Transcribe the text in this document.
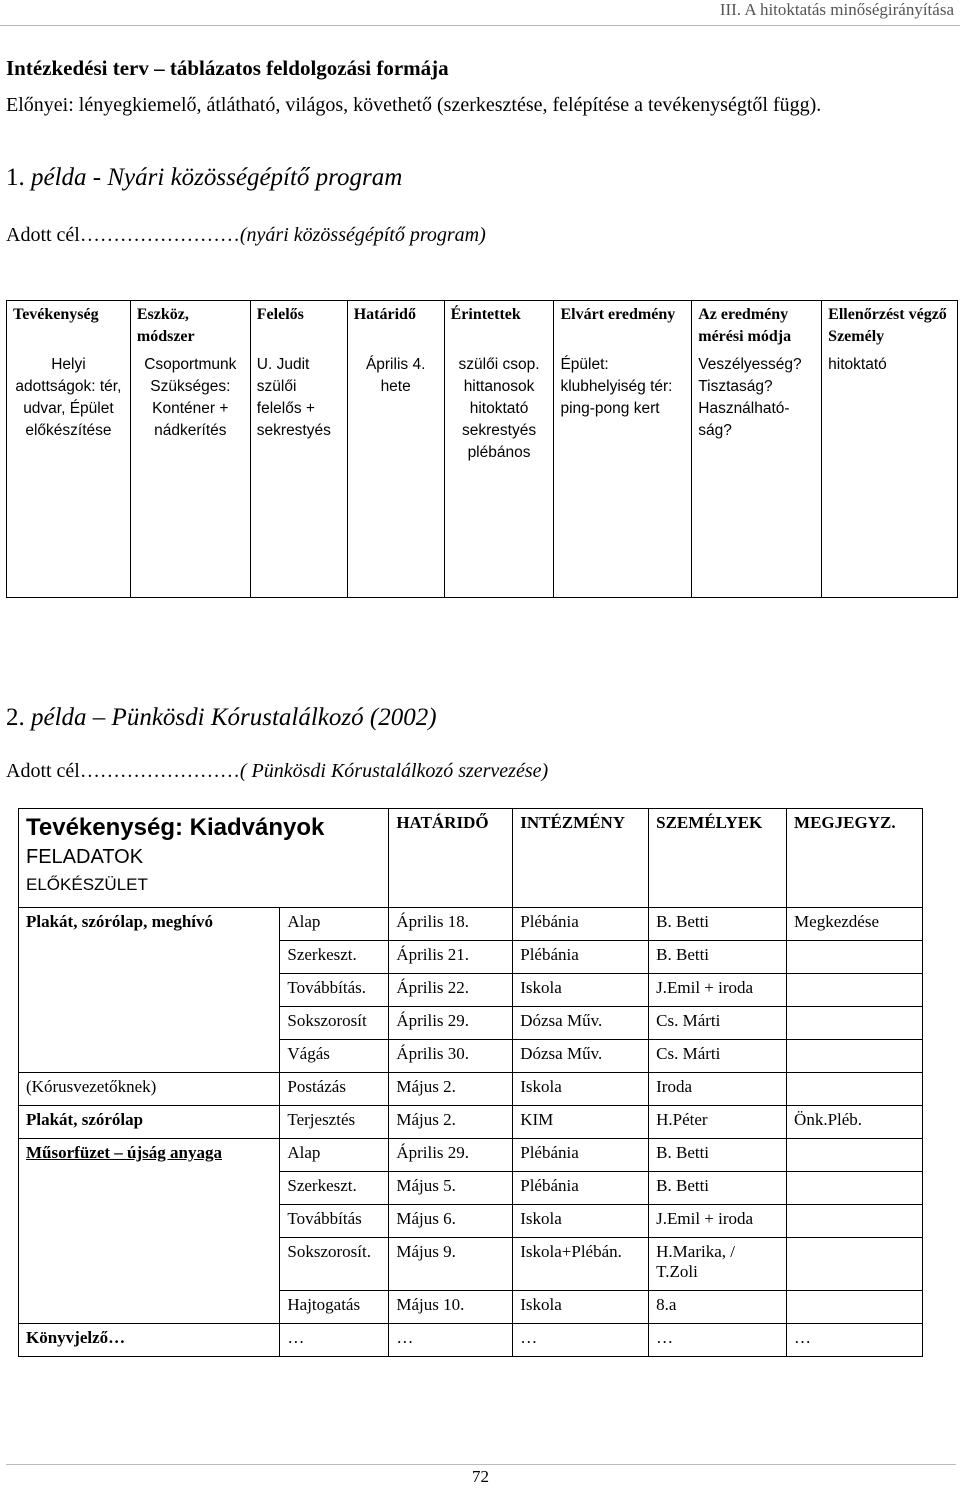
III. A hitoktatás minőségirányítása
Intézkedési terv – táblázatos feldolgozási formája
Előnyei: lényegkiemelő, átlátható, világos, követhető (szerkesztése, felépítése a tevékenységtől függ).
1. példa - Nyári közösségépítő program
Adott cél……………………(nyári közösségépítő program)
Tevékenység	Eszköz, módszer	Felelős	Határidő	Érintettek	Elvárt eredmény	Az eredmény mérési módja	Ellenőrzést végző Személy
Helyi adottságok: tér, udvar, Épület előkészítése	Csoportmunk Szükséges: Konténer + nádkerítés	U. Judit szülői felelős + sekrestyés	Április 4. hete	szülői csop. hittanosok hitoktató sekrestyés plébános	Épület: klubhelyiség tér: ping-pong kert	Veszélyesség? Tisztaság? Használható-ság?	hitoktató
2. példa – Pünkösdi Kórustalálkozó (2002)
Adott cél……………………( Pünkösdi Kórustalálkozó szervezése)
Tevékenység: Kiadványok
FELADATOK
ELŐKÉSZÜLET		HATÁRIDŐ	INTÉZMÉNY	SZEMÉLYEK	MEGJEGYZ.
Plakát, szórólap, meghívó	Alap	Április 18.	Plébánia	B. Betti	Megkezdése
	Szerkeszt.	Április 21.	Plébánia	B. Betti	
	Továbbítás.	Április 22.	Iskola	J.Emil + iroda	
	Sokszorosít	Április 29.	Dózsa Műv.	Cs. Márti	
	Vágás	Április 30.	Dózsa Műv.	Cs. Márti	
(Kórusvezetőknek)	Postázás	Május 2.	Iskola	Iroda	
Plakát, szórólap	Terjesztés	Május 2.	KIM	H.Péter	Önk.Pléb.
Műsorfüzet – újság anyaga	Alap	Április 29.	Plébánia	B. Betti	
	Szerkeszt.	Május 5.	Plébánia	B. Betti	
	Továbbítás	Május 6.	Iskola	J.Emil + iroda	
	Sokszorosít.	Május 9.	Iskola+Plébán.	H.Marika, / T.Zoli	
	Hajtogatás	Május 10.	Iskola	8.a	
Könyvjelző…	…	…	…	…	…
72
